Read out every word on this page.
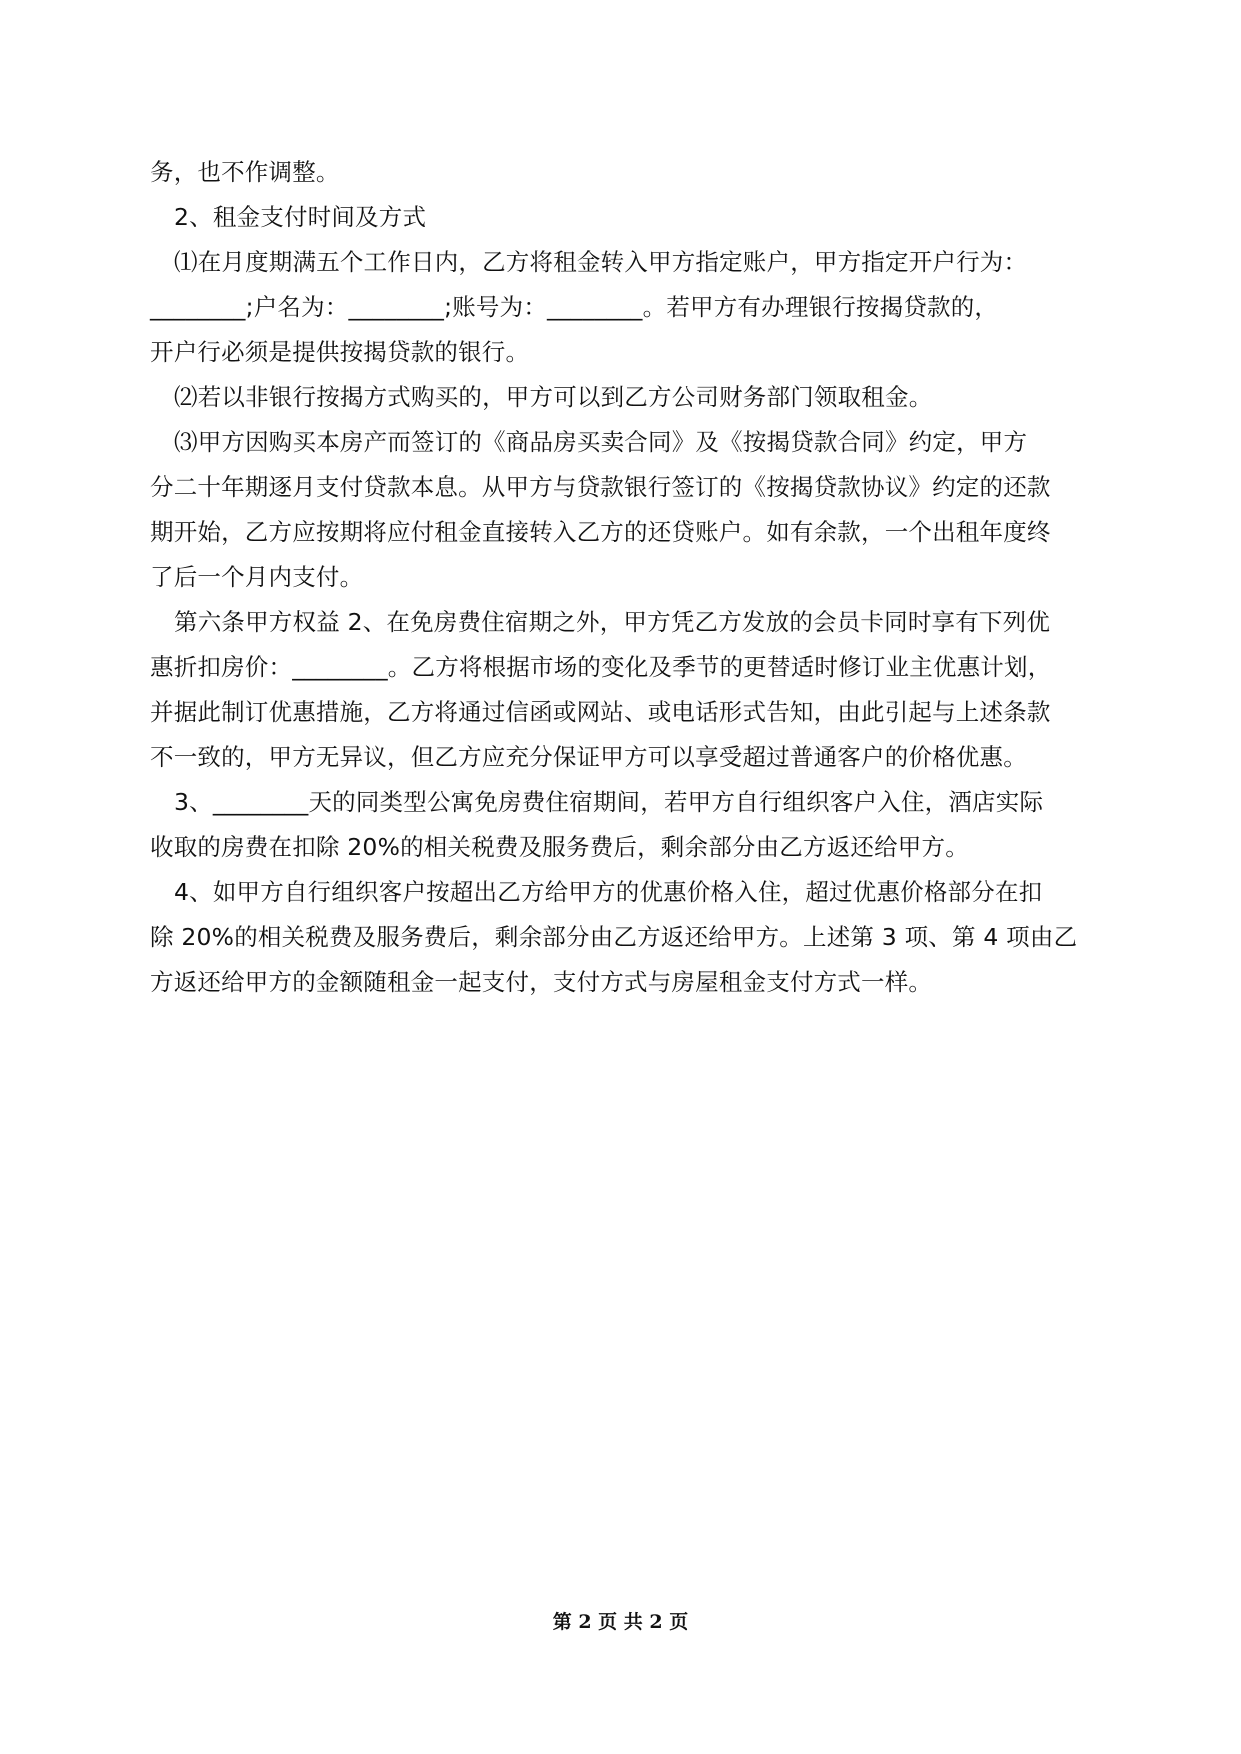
务，也不作调整。
2、租金支付时间及方式
⑴在月度期满五个工作日内，乙方将租金转入甲方指定账户，甲方指定开户行为：
________;户名为：________;账号为：________。若甲方有办理银行按揭贷款的，
开户行必须是提供按揭贷款的银行。
⑵若以非银行按揭方式购买的，甲方可以到乙方公司财务部门领取租金。
⑶甲方因购买本房产而签订的《商品房买卖合同》及《按揭贷款合同》约定，甲方
分二十年期逐月支付贷款本息。从甲方与贷款银行签订的《按揭贷款协议》约定的还款
期开始，乙方应按期将应付租金直接转入乙方的还贷账户。如有余款，一个出租年度终
了后一个月内支付。
第六条甲方权益 2、在免房费住宿期之外，甲方凭乙方发放的会员卡同时享有下列优
惠折扣房价：________。乙方将根据市场的变化及季节的更替适时修订业主优惠计划，
并据此制订优惠措施，乙方将通过信函或网站、或电话形式告知，由此引起与上述条款
不一致的，甲方无异议，但乙方应充分保证甲方可以享受超过普通客户的价格优惠。
3、________天的同类型公寓免房费住宿期间，若甲方自行组织客户入住，酒店实际
收取的房费在扣除 20%的相关税费及服务费后，剩余部分由乙方返还给甲方。
4、如甲方自行组织客户按超出乙方给甲方的优惠价格入住，超过优惠价格部分在扣
除 20%的相关税费及服务费后，剩余部分由乙方返还给甲方。上述第 3 项、第 4 项由乙
方返还给甲方的金额随租金一起支付，支付方式与房屋租金支付方式一样。
第 2 页 共 2 页
